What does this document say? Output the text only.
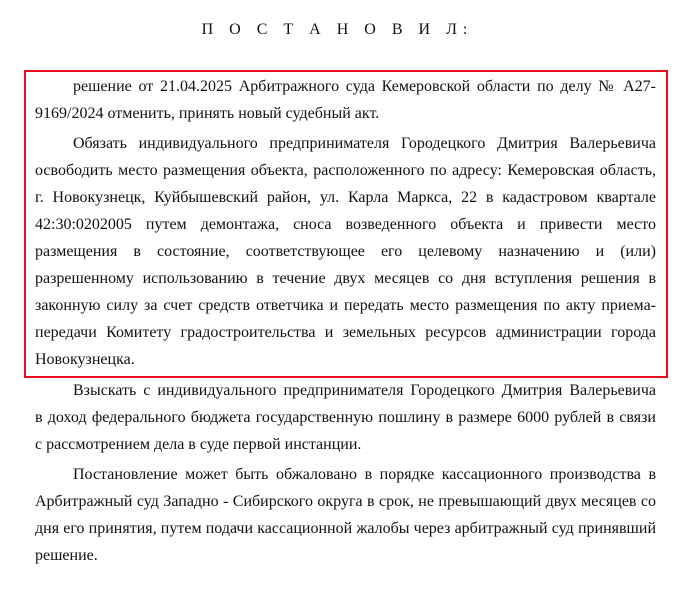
П О С Т А Н О В И Л:
решение от 21.04.2025 Арбитражного суда Кемеровской области по делу № А27-
9169/2024 отменить, принять новый судебный акт.
Обязать индивидуального предпринимателя Городецкого Дмитрия Валерьевича
освободить место размещения объекта, расположенного по адресу: Кемеровская область,
г. Новокузнецк, Куйбышевский район, ул. Карла Маркса, 22 в кадастровом квартале
42:30:0202005 путем демонтажа, сноса возведенного объекта и привести место
размещения в состояние, соответствующее его целевому назначению и (или)
разрешенному использованию в течение двух месяцев со дня вступления решения в
законную силу за счет средств ответчика и передать место размещения по акту приема-
передачи Комитету градостроительства и земельных ресурсов администрации города
Новокузнецка.
Взыскать с индивидуального предпринимателя Городецкого Дмитрия Валерьевича
в доход федерального бюджета государственную пошлину в размере 6000 рублей в связи
с рассмотрением дела в суде первой инстанции.
Постановление может быть обжаловано в порядке кассационного производства в
Арбитражный суд Западно - Сибирского округа в срок, не превышающий двух месяцев со
дня его принятия, путем подачи кассационной жалобы через арбитражный суд принявший
решение.
